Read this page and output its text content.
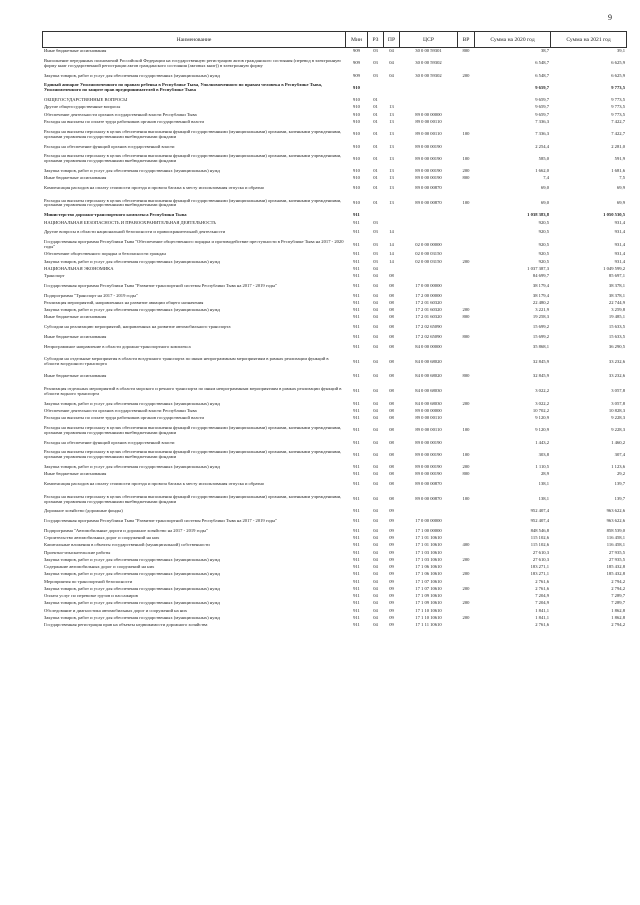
9
Наименование	Мин	РЗ	ПР	ЦСР	ВР	Сумма на 2020 год	Сумма на 2021 год
Иные бюджетные ассигнования	909	03	04	30 0 00 59301	800	38,7	39,1
Выполнение переданных полномочий Российской Федерации на государственную регистрацию актов гражданского состояния (перевод в электронную форму книг государственной регистрации актов гражданского состояния (актовых книг)) в электронную форму	909	03	04	30 0 00 59302		6 548,7	6 625,9
Закупка товаров, работ и услуг для обеспечения государственных (муниципальных) нужд	909	03	04	30 0 00 59302	200	6 548,7	6 625,9
Единый аппарат Уполномоченного по правам ребенка в Республике Тыва, Уполномоченного по правам человека в Республике Тыва, Уполномоченного по защите прав предпринимателей в Республике Тыва	910					9 659,7	9 773,5
ОБЩЕГОСУДАРСТВЕННЫЕ ВОПРОСЫ	910	01				9 659,7	9 773,5
Другие общегосударственные вопросы	910	01	13			9 659,7	9 773,5
Обеспечение деятельности органов государственной власти Республики Тыва	910	01	13	89 0 00 00000		9 659,7	9 773,5
Расходы на выплаты по оплате труда работников органов государственной власти	910	01	13	89 0 00 00110		7 336,3	7 422,7
Расходы на выплаты персоналу в целях обеспечения выполнения функций государственными (муниципальными) органами, казенными учреждениями, органами управления государственными внебюджетными фондами	910	01	13	89 0 00 00110	100	7 336,3	7 422,7
Расходы на обеспечение функций органов государственной власти	910	01	13	89 0 00 00190		2 254,4	2 281,0
Расходы на выплаты персоналу в целях обеспечения выполнения функций государственными (муниципальными) органами, казенными учреждениями, органами управления государственными внебюджетными фондами	910	01	13	89 0 00 00190	100	585,0	591,9
Закупка товаров, работ и услуг для обеспечения государственных (муниципальных) нужд	910	01	13	89 0 00 00190	200	1 662,0	1 681,6
Иные бюджетные ассигнования	910	01	13	89 0 00 00190	800	7,4	7,5
Компенсация расходов на оплату стоимости проезда и провоза багажа к месту использования отпуска и обратно	910	01	13	89 0 00 00870		69,0	69,9
Расходы на выплаты персоналу в целях обеспечения выполнения функций государственными (муниципальными) органами, казенными учреждениями, органами управления государственными внебюджетными фондами	910	01	13	89 0 00 00870	100	69,0	69,9
Министерство дорожно-транспортного комплекса Республики Тыва	911					1 038 383,8	1 050 530,5
НАЦИОНАЛЬНАЯ БЕЗОПАСНОСТЬ И ПРАВООХРАНИТЕЛЬНАЯ ДЕЯТЕЛЬНОСТЬ	911	03				920,5	931,4
Другие вопросы в области национальной безопасности и правоохранительной деятельности	911	03	14			920,5	931,4
Государственная программа Республики Тыва "Обеспечение общественного порядка и противодействие преступности в Республике Тыва на 2017 - 2020 годы"	911	03	14	02 0 00 00000		920,5	931,4
Обеспечение общественного порядка и безопасности граждан	911	03	14	02 0 00 03150		920,5	931,4
Закупка товаров, работ и услуг для обеспечения государственных (муниципальных) нужд	911	03	14	02 0 00 03150	200	920,5	931,4
НАЦИОНАЛЬНАЯ ЭКОНОМИКА	911	04				1 037 387,3	1 049 599,2
Транспорт	911	04	08			84 699,7	85 697,1
Государственная программа Республики Тыва "Развитие транспортной системы Республики Тыва на 2017 - 2019 годы"	911	04	08	17 0 00 00000		38 179,4	38 378,1
Подпрограмма "Транспорт на 2017 - 2019 годы"	911	04	08	17 2 00 00000		38 179,4	38 378,1
Реализация мероприятий, направленных на развитие авиации общего назначения	911	04	08	17 2 01 60320		22 480,2	22 744,9
Закупка товаров, работ и услуг для обеспечения государственных (муниципальных) нужд	911	04	08	17 2 01 60320	200	3 221,9	3 259,8
Иные бюджетные ассигнования	911	04	08	17 2 01 60320	800	19 258,3	19 485,1
Субсидии на реализацию мероприятий, направленных на развитие автомобильного транспорта	911	04	08	17 2 02 65090		15 699,2	15 633,5
Иные бюджетные ассигнования	911	04	08	17 2 02 65090	800	15 699,2	15 633,5
Непрограммное направление в области дорожно-транспортного комплекса	911	04	08	84 0 00 00000		35 868,1	36 290,5
Субсидии на отдельные мероприятия в области воздушного транспорта по иным непрограммным мероприятиям в рамках реализации функций в области воздушного транспорта	911	04	08	84 0 00 68020		32 845,9	33 232,6
Иные бюджетные ассигнования	911	04	08	84 0 00 68020	800	32 845,9	33 232,6
Реализация отдельных мероприятий в области морского и речного транспорта по иным непрограммным мероприятиям в рамках реализации функций в области водного транспорта	911	04	08	84 0 00 68030		3 022,2	3 057,8
Закупка товаров, работ и услуг для обеспечения государственных (муниципальных) нужд	911	04	08	84 0 00 68030	200	3 022,2	3 057,8
Обеспечение деятельности органов государственной власти Республики Тыва	911	04	08	89 0 00 00000		10 702,2	10 828,3
Расходы на выплаты по оплате труда работников органов государственной власти	911	04	08	89 0 00 00110		9 120,9	9 228,3
Расходы на выплаты персоналу в целях обеспечения выполнения функций государственными (муниципальными) органами, казенными учреждениями, органами управления государственными внебюджетными фондами	911	04	08	89 0 00 00110	100	9 120,9	9 228,3
Расходы на обеспечение функций органов государственной власти	911	04	08	89 0 00 00190		1 443,2	1 460,2
Расходы на выплаты персоналу в целях обеспечения выполнения функций государственными (муниципальными) органами, казенными учреждениями, органами управления государственными внебюджетными фондами	911	04	08	89 0 00 00190	100	303,8	307,4
Закупка товаров, работ и услуг для обеспечения государственных (муниципальных) нужд	911	04	08	89 0 00 00190	200	1 110,5	1 123,6
Иные бюджетные ассигнования	911	04	08	89 0 00 00190	800	28,9	29,2
Компенсация расходов на оплату стоимости проезда и провоза багажа к месту использования отпуска и обратно	911	04	08	89 0 00 00870		138,1	139,7
Расходы на выплаты персоналу в целях обеспечения выполнения функций государственными (муниципальными) органами, казенными учреждениями, органами управления государственными внебюджетными фондами	911	04	08	89 0 00 00870	100	138,1	139,7
Дорожное хозяйство (дорожные фонды)	911	04	09			952 407,4	963 622,6
Государственная программа Республики Тыва "Развитие транспортной системы Республики Тыва на 2017 - 2019 годы"	911	04	09	17 0 00 00000		952 407,4	963 622,6
Подпрограмма "Автомобильные дороги и дорожное хозяйство на 2017 - 2019 годы"	911	04	09	17 1 00 00000		848 546,8	858 539,0
Строительство автомобильных дорог и сооружений на них	911	04	09	17 1 01 10610		115 102,6	116 458,1
Капитальные вложения в объекты государственной (муниципальной) собственности	911	04	09	17 1 01 10610	400	115 102,6	116 458,1
Проектно-изыскательские работы	911	04	09	17 1 03 10610		27 610,3	27 935,5
Закупка товаров, работ и услуг для обеспечения государственных (муниципальных) нужд	911	04	09	17 1 03 10610	200	27 610,3	27 935,5
Содержание автомобильных дорог и сооружений на них	911	04	09	17 1 06 10610		183 271,1	185 432,8
Закупка товаров, работ и услуг для обеспечения государственных (муниципальных) нужд	911	04	09	17 1 06 10610	200	183 271,1	185 432,8
Мероприятия по транспортной безопасности	911	04	09	17 1 07 10610		2 761,6	2 794,2
Закупка товаров, работ и услуг для обеспечения государственных (муниципальных) нужд	911	04	09	17 1 07 10610	200	2 761,6	2 794,2
Оплата услуг по перевозке грузов и пассажиров	911	04	09	17 1 09 10610		7 204,9	7 289,7
Закупка товаров, работ и услуг для обеспечения государственных (муниципальных) нужд	911	04	09	17 1 09 10610	200	7 204,9	7 289,7
Обследование и диагностика автомобильных дорог и сооружений на них	911	04	09	17 1 10 10610		1 841,1	1 862,8
Закупка товаров, работ и услуг для обеспечения государственных (муниципальных) нужд	911	04	09	17 1 10 10610	200	1 841,1	1 862,8
Государственная регистрация прав на объекты недвижимости дорожного хозяйства	911	04	09	17 1 11 10610		2 761,6	2 794,2
